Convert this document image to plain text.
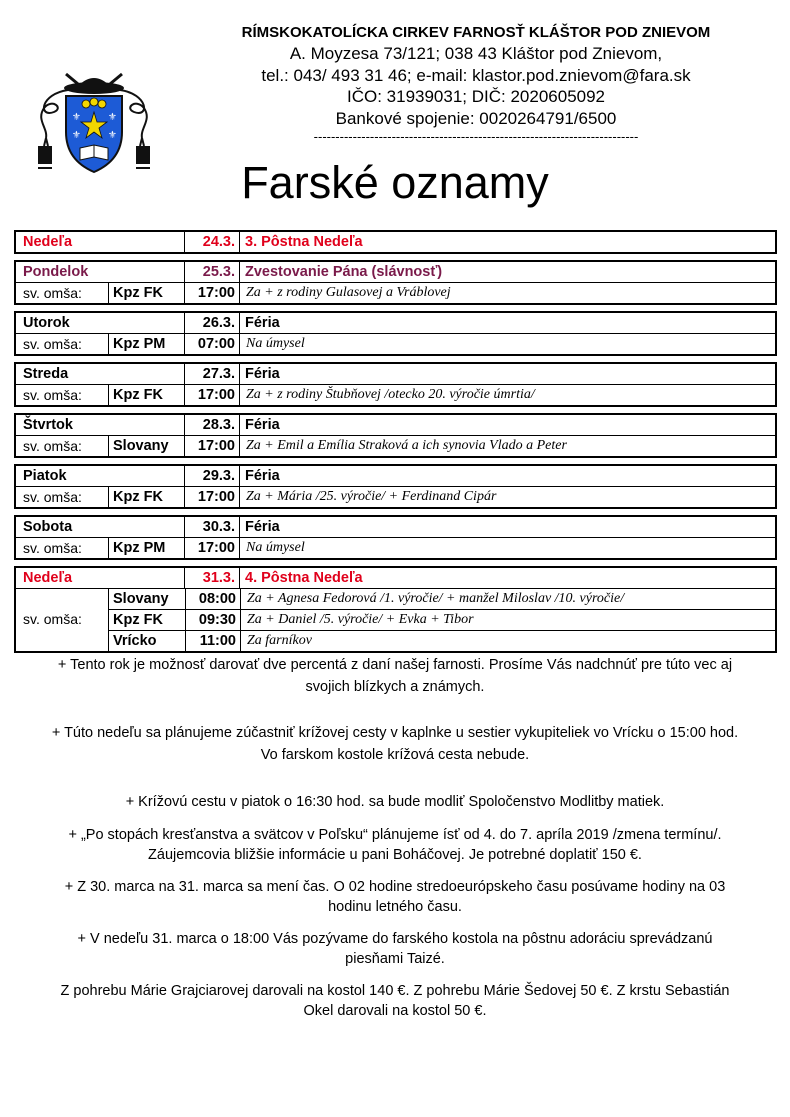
⚜	⚜
⚜	⚜
RÍMSKOKATOLÍCKA CIRKEV FARNOSŤ KLÁŠTOR POD ZNIEVOM
A. Moyzesa 73/121; 038 43 Kláštor pod Znievom,
tel.: 043/ 493 31 46; e-mail: klastor.pod.znievom@fara.sk
IČO: 31939031; DIČ: 2020605092
Bankové spojenie: 0020264791/6500
---------------------------------------------------------------------------
Farské oznamy
Nedeľa	24.3. 3. Pôstna Nedeľa
Pondelok	25.3. Zvestovanie Pána (slávnosť)
sv. omša:	Kpz FK	17:00 Za + z rodiny Gulasovej a Vráblovej
Utorok	26.3. Féria
sv. omša:	Kpz PM	07:00 Na úmysel
Streda	27.3. Féria
sv. omša:	Kpz FK	17:00 Za + z rodiny Štubňovej /otecko 20. výročie úmrtia/
Štvrtok	28.3. Féria
sv. omša:	Slovany	17:00 Za + Emil a Emília Straková a ich synovia Vlado a Peter
Piatok	29.3. Féria
sv. omša:	Kpz FK	17:00 Za + Mária /25. výročie/ + Ferdinand Cipár
Sobota	30.3. Féria
sv. omša:	Kpz PM	17:00 Na úmysel
Nedeľa	31.3. 4. Pôstna Nedeľa
sv. omša:
Slovany	08:00 Za + Agnesa Fedorová /1. výročie/ + manžel Miloslav /10. výročie/
Kpz FK	09:30 Za + Daniel /5. výročie/ + Evka + Tibor
Vrícko	11:00 Za farníkov

+ Tento rok je možnosť darovať dve percentá z daní našej farnosti. Prosíme Vás nadchnúť pre túto vec aj

svojich blízkych a známych.

+ Túto nedeľu sa plánujeme zúčastniť krížovej cesty v kaplnke u sestier vykupiteliek vo Vrícku o 15:00 hod.

Vo farskom kostole krížová cesta nebude.

+ Krížovú cestu v piatok o 16:30 hod. sa bude modliť Spoločenstvo Modlitby matiek.

+ „Po stopách kresťanstva a svätcov v Poľsku“ plánujeme ísť od 4. do 7. apríla 2019 /zmena termínu/.

Záujemcovia bližšie informácie u pani Boháčovej. Je potrebné doplatiť 150 €.

+ Z 30. marca na 31. marca sa mení čas. O 02 hodine stredoeurópskeho času posúvame hodiny na 03

hodinu letného času.

+ V nedeľu 31. marca o 18:00 Vás pozývame do farského kostola na pôstnu adoráciu sprevádzanú

piesňami Taizé.

Z pohrebu Márie Grajciarovej darovali na kostol 140 €. Z pohrebu Márie Šedovej 50 €. Z krstu Sebastián

Okel darovali na kostol 50 €.
